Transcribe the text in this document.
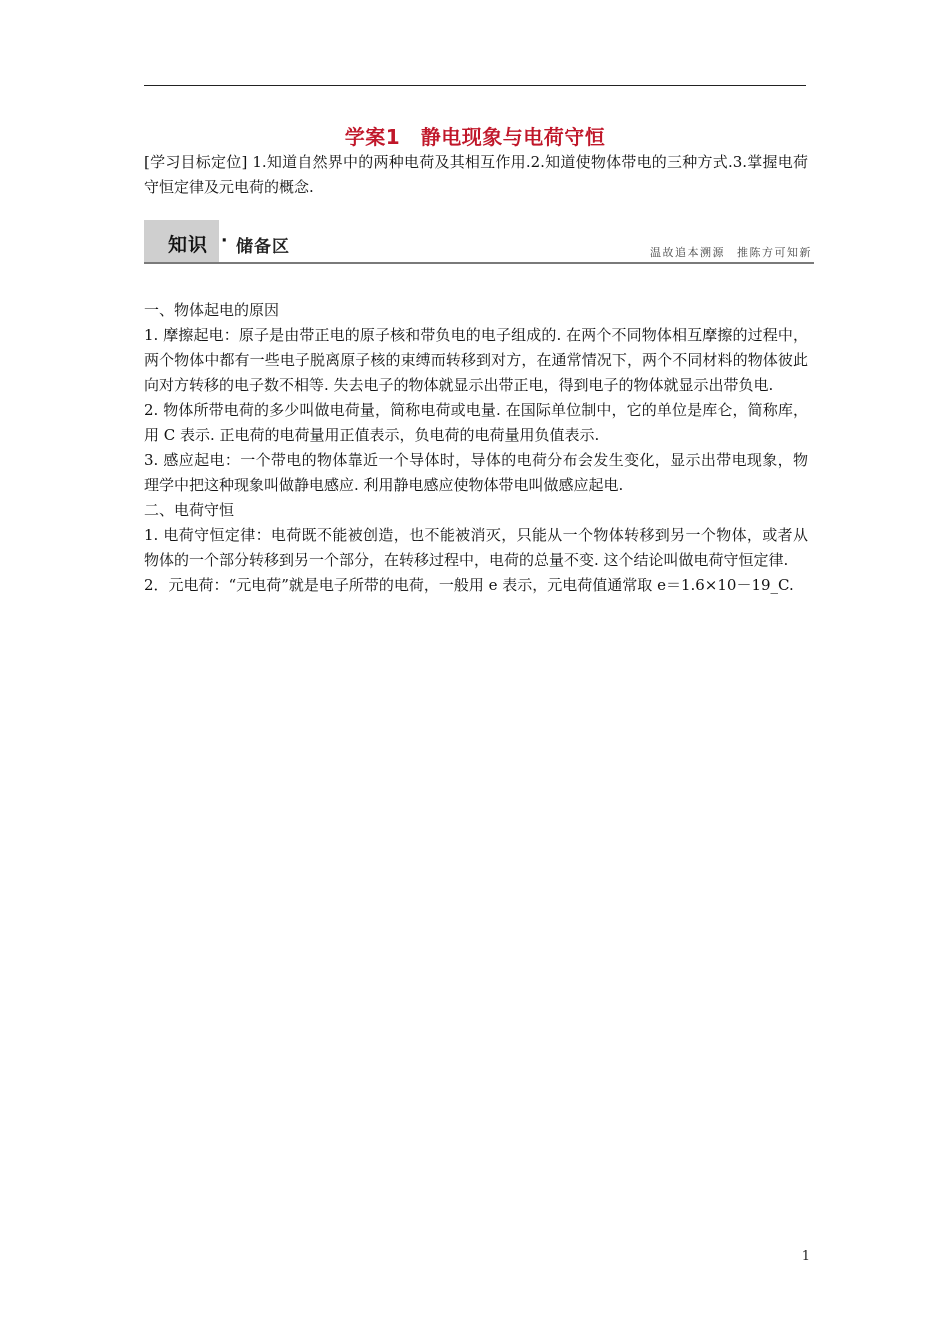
学案1　静电现象与电荷守恒
[学习目标定位] 1.知道自然界中的两种电荷及其相互作用.2.知道使物体带电的三种方式.3.掌握电荷守恒定律及元电荷的概念.
知识 · 储备区	温故追本溯源 推陈方可知新

一、物体起电的原因

1. 摩擦起电：原子是由带正电的原子核和带负电的电子组成的. 在两个不同物体相互摩擦的过程中，两个物体中都有一些电子脱离原子核的束缚而转移到对方，在通常情况下，两个不同材料的物体彼此向对方转移的电子数不相等. 失去电子的物体就显示出带正电，得到电子的物体就显示出带负电.

2. 物体所带电荷的多少叫做电荷量，简称电荷或电量. 在国际单位制中，它的单位是库仑，简称库，用 C 表示. 正电荷的电荷量用正值表示，负电荷的电荷量用负值表示.

3. 感应起电：一个带电的物体靠近一个导体时，导体的电荷分布会发生变化，显示出带电现象，物理学中把这种现象叫做静电感应. 利用静电感应使物体带电叫做感应起电.

二、电荷守恒

1. 电荷守恒定律：电荷既不能被创造，也不能被消灭，只能从一个物体转移到另一个物体，或者从物体的一个部分转移到另一个部分，在转移过程中，电荷的总量不变. 这个结论叫做电荷守恒定律.

2．元电荷：“元电荷”就是电子所带的电荷，一般用 e 表示，元电荷值通常取 e＝1.6×10－19_C.

1
